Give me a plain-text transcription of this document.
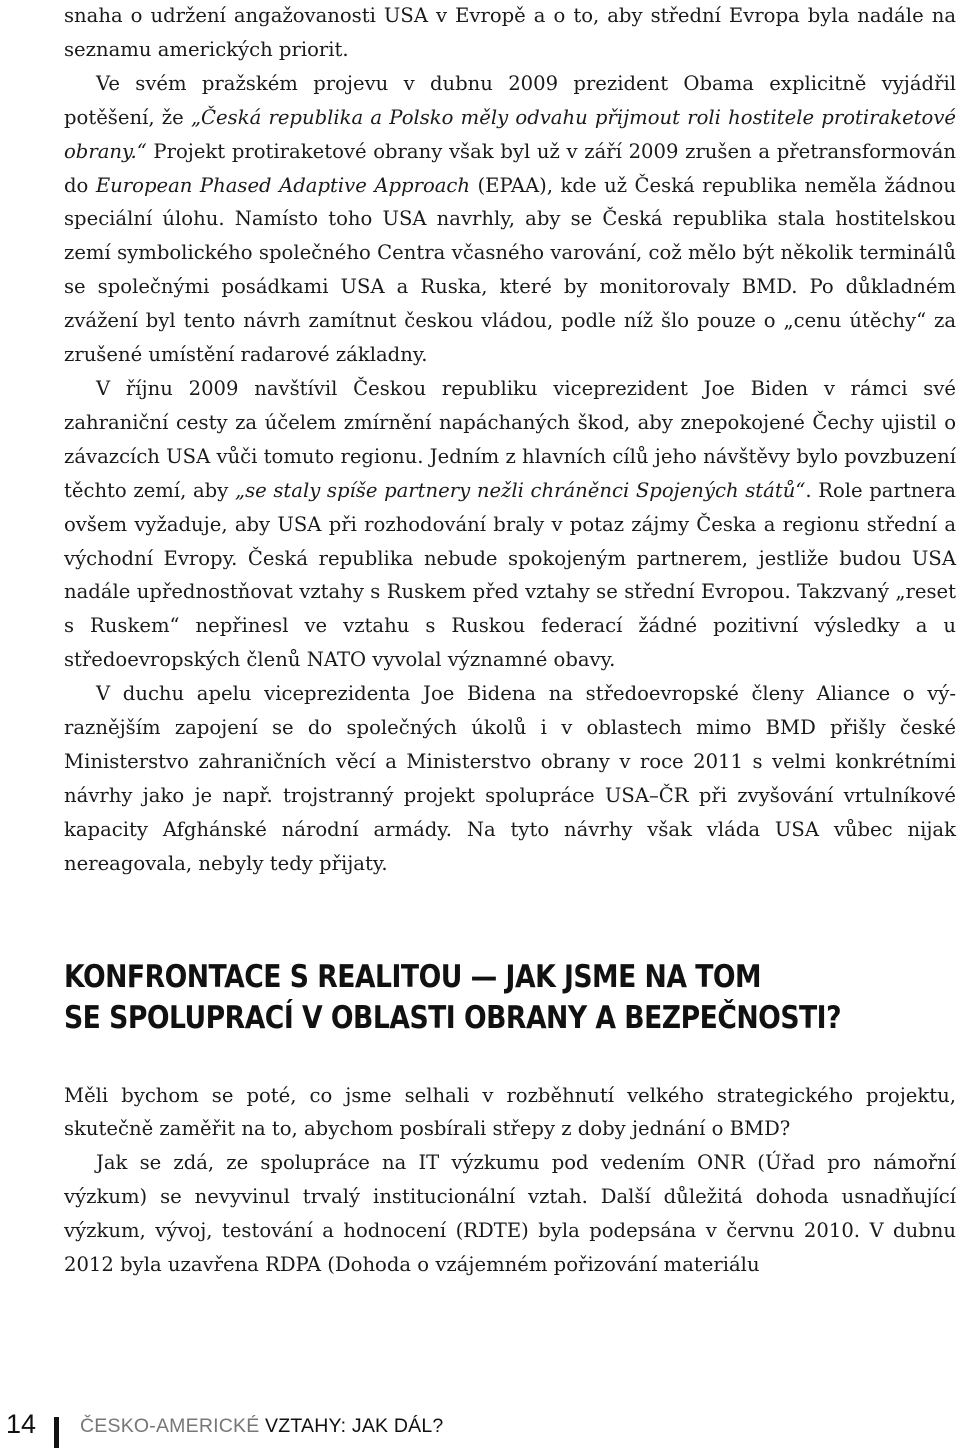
snaha o udržení angažovanosti USA v Evropě a o to, aby střední Evropa byla nadále na seznamu amerických priorit.

Ve svém pražském projevu v dubnu 2009 prezident Obama explicitně vyjádřil potěšení, že „Česká republika a Polsko měly odvahu přijmout roli hostitele protiraketové obrany.“ Projekt protiraketové obrany však byl už v září 2009 zrušen a přetransformován do European Phased Adaptive Approach (EPAA), kde už Česká republika neměla žádnou speciální úlohu. Namísto toho USA navrhly, aby se Česká republika stala hostitelskou zemí symbolického společného Centra včasného varování, což mělo být několik terminálů se společnými posádkami USA a Ruska, které by monitorovaly BMD. Po důkladném zvážení byl tento návrh zamítnut českou vládou, podle níž šlo pouze o „cenu útěchy“ za zrušené umístění radarové základny.

V říjnu 2009 navštívil Českou republiku viceprezident Joe Biden v rámci své zahraniční cesty za účelem zmírnění napáchaných škod, aby znepokojené Čechy ujistil o závazcích USA vůči tomuto regionu. Jedním z hlavních cílů jeho návštěvy bylo povzbuzení těchto zemí, aby „se staly spíše partnery nežli chráněnci Spojených států“. Role partnera ovšem vyžaduje, aby USA při rozhodování braly v potaz zájmy Česka a regionu střední a východní Evropy. Česká republika nebude spokojeným partnerem, jestliže budou USA nadále upřednostňovat vztahy s Ruskem před vztahy se střední Evropou. Takzvaný „reset s Ruskem“ nepřinesl ve vztahu s Ruskou federací žádné pozitivní výsledky a u středoevropských členů NATO vyvolal významné obavy.

V duchu apelu viceprezidenta Joe Bidena na středoevropské členy Aliance o výraznějším zapojení se do společných úkolů i v oblastech mimo BMD přišly české Ministerstvo zahraničních věcí a Ministerstvo obrany v roce 2011 s velmi konkrétními návrhy jako je např. trojstranný projekt spolupráce USA–ČR při zvyšování vrtulníkové kapacity Afghánské národní armády. Na tyto návrhy však vláda USA vůbec nijak nereagovala, nebyly tedy přijaty.

KONFRONTACE S REALITOU — JAK JSME NA TOM
SE SPOLUPRACÍ V OBLASTI OBRANY A BEZPEČNOSTI?

Měli bychom se poté, co jsme selhali v rozběhnutí velkého strategického projektu, skutečně zaměřit na to, abychom posbírali střepy z doby jednání o BMD?

Jak se zdá, ze spolupráce na IT výzkumu pod vedením ONR (Úřad pro námořní výzkum) se nevyvinul trvalý institucionální vztah. Další důležitá dohoda usnadňující výzkum, vývoj, testování a hodnocení (RDTE) byla podepsána v červnu 2010. V dubnu 2012 byla uzavřena RDPA (Dohoda o vzájemném pořizování materiálu

14 ČESKO-AMERICKÉ VZTAHY: JAK DÁL?
